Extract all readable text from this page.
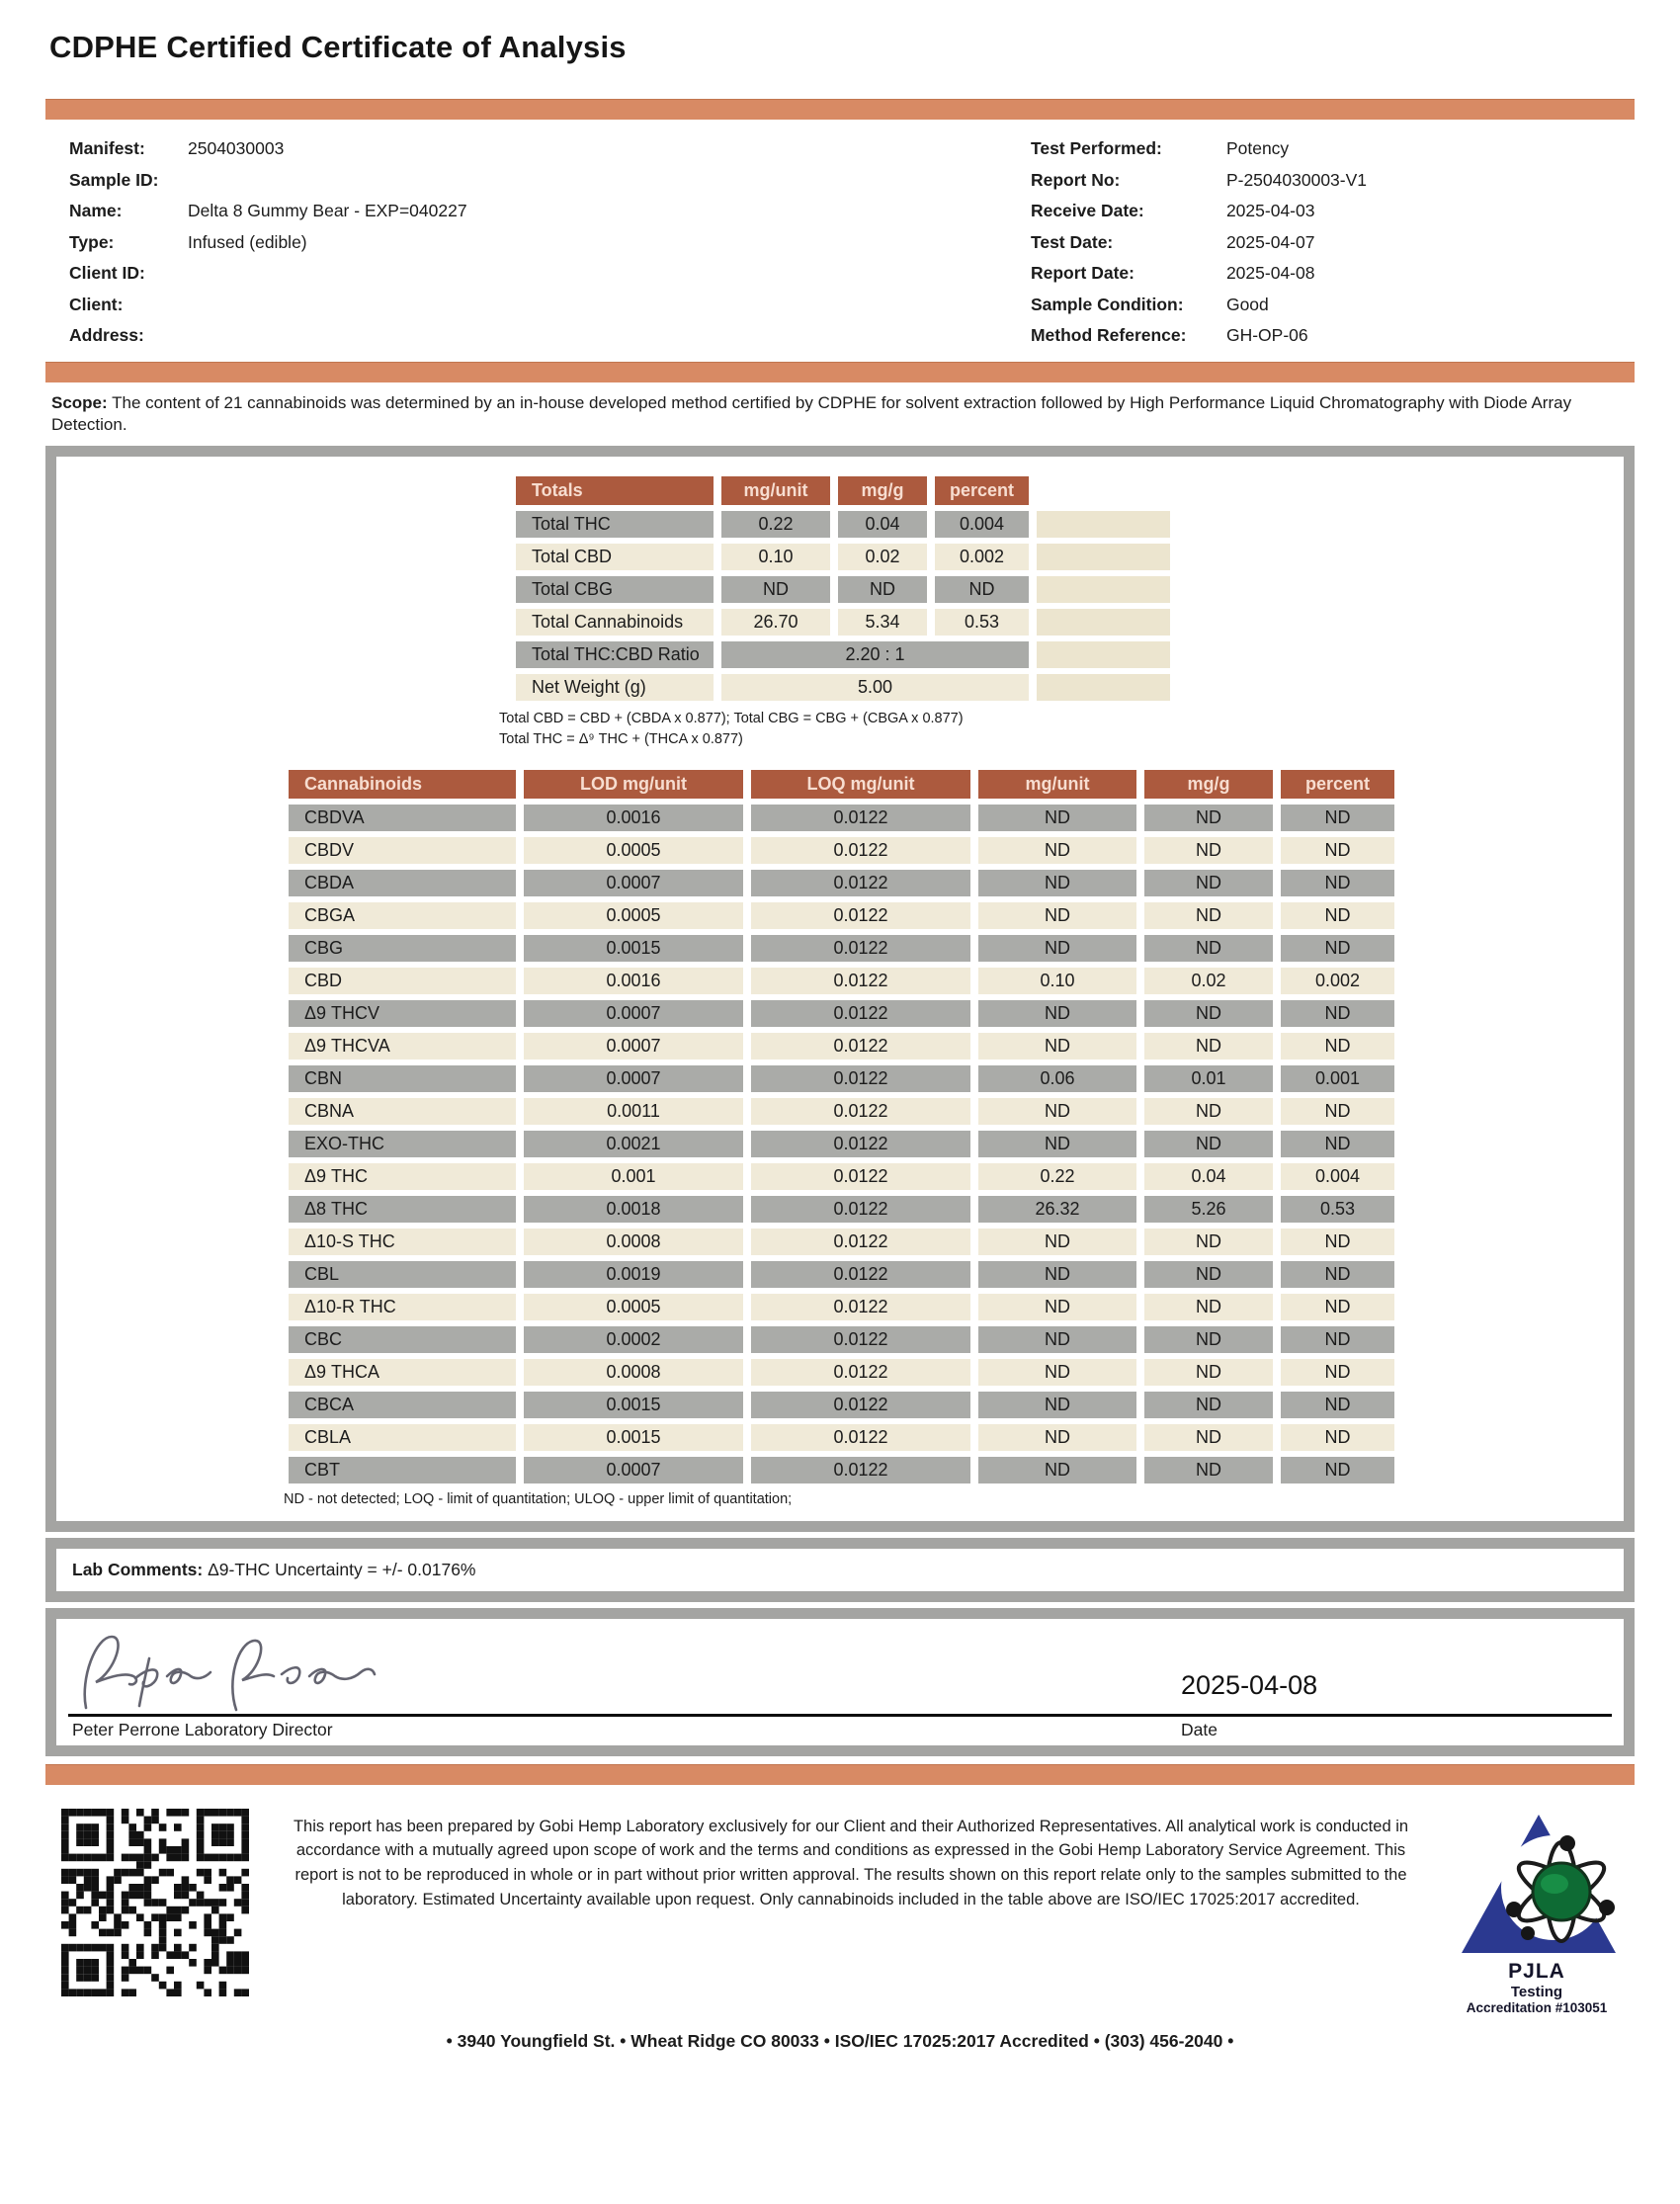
CDPHE Certified Certificate of Analysis
Manifest:	2504030003
Sample ID:
Name:	Delta 8 Gummy Bear - EXP=040227
Type:	Infused (edible)
Client ID:
Client:
Address:
Test Performed:	Potency
Report No:	P-2504030003-V1
Receive Date:	2025-04-03
Test Date:	2025-04-07
Report Date:	2025-04-08
Sample Condition:	Good
Method Reference:	GH-OP-06

Scope: The content of 21 cannabinoids was determined by an in-house developed method certified by CDPHE for solvent extraction followed by High Performance Liquid Chromatography with Diode Array Detection.

Totals	mg/unit	mg/g	percent	
Total THC	0.22	0.04	0.004	
Total CBD	0.10	0.02	0.002	
Total CBG	ND	ND	ND	
Total Cannabinoids	26.70	5.34	0.53	
Total THC:CBD Ratio	2.20 : 1			
Net Weight (g)	5.00			
Total CBD = CBD + (CBDA x 0.877); Total CBG = CBG + (CBGA x 0.877)
Total THC = Δ⁹ THC + (THCA x 0.877)
Cannabinoids	LOD mg/unit	LOQ mg/unit	mg/unit	mg/g	percent
CBDVA	0.0016	0.0122	ND	ND	ND
CBDV	0.0005	0.0122	ND	ND	ND
CBDA	0.0007	0.0122	ND	ND	ND
CBGA	0.0005	0.0122	ND	ND	ND
CBG	0.0015	0.0122	ND	ND	ND
CBD	0.0016	0.0122	0.10	0.02	0.002
Δ9 THCV	0.0007	0.0122	ND	ND	ND
Δ9 THCVA	0.0007	0.0122	ND	ND	ND
CBN	0.0007	0.0122	0.06	0.01	0.001
CBNA	0.0011	0.0122	ND	ND	ND
EXO-THC	0.0021	0.0122	ND	ND	ND
Δ9 THC	0.001	0.0122	0.22	0.04	0.004
Δ8 THC	0.0018	0.0122	26.32	5.26	0.53
Δ10-S THC	0.0008	0.0122	ND	ND	ND
CBL	0.0019	0.0122	ND	ND	ND
Δ10-R THC	0.0005	0.0122	ND	ND	ND
CBC	0.0002	0.0122	ND	ND	ND
Δ9 THCA	0.0008	0.0122	ND	ND	ND
CBCA	0.0015	0.0122	ND	ND	ND
CBLA	0.0015	0.0122	ND	ND	ND
CBT	0.0007	0.0122	ND	ND	ND
ND - not detected; LOQ - limit of quantitation; ULOQ - upper limit of quantitation;
Lab Comments: Δ9-THC Uncertainty = +/- 0.0176%
2025-04-08
Peter Perrone Laboratory Director	Date
This report has been prepared by Gobi Hemp Laboratory exclusively for our Client and their Authorized Representatives. All analytical work is conducted in accordance with a mutually agreed upon scope of work and the terms and conditions as expressed in the Gobi Hemp Laboratory Service Agreement. This report is not to be reproduced in whole or in part without prior written approval. The results shown on this report relate only to the samples submitted to the laboratory. Estimated Uncertainty available upon request. Only cannabinoids included in the table above are ISO/IEC 17025:2017 accredited.
PJLA
Testing
Accreditation #103051
• 3940 Youngfield St. • Wheat Ridge CO 80033 • ISO/IEC 17025:2017 Accredited • (303) 456-2040 •
